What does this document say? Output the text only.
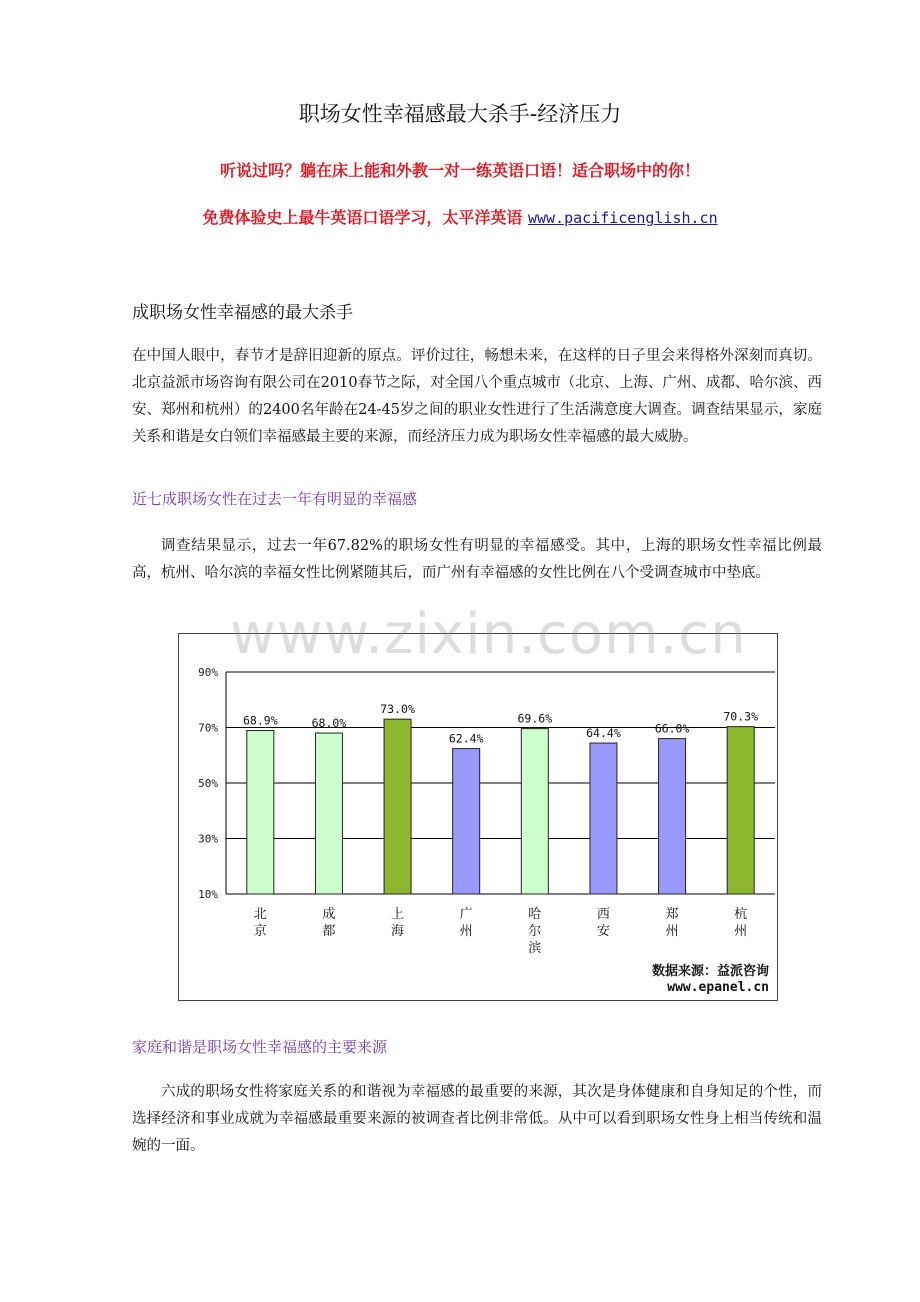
职场女性幸福感最大杀手-经济压力
听说过吗？躺在床上能和外教一对一练英语口语！适合职场中的你！
免费体验史上最牛英语口语学习，太平洋英语 www.pacificenglish.cn
成职场女性幸福感的最大杀手
在中国人眼中，春节才是辞旧迎新的原点。评价过往，畅想未来，在这样的日子里会来得格外深刻而真切。北京益派市场咨询有限公司在2010春节之际，对全国八个重点城市（北京、上海、广州、成都、哈尔滨、西安、郑州和杭州）的2400名年龄在24-45岁之间的职业女性进行了生活满意度大调查。调查结果显示，家庭关系和谐是女白领们幸福感最主要的来源，而经济压力成为职场女性幸福感的最大威胁。
近七成职场女性在过去一年有明显的幸福感
调查结果显示，过去一年67.82%的职场女性有明显的幸福感受。其中，上海的职场女性幸福比例最高，杭州、哈尔滨的幸福女性比例紧随其后，而广州有幸福感的女性比例在八个受调查城市中垫底。
10%
30%
50%
70%
90%
68.9%
北京
68.0%
成都
73.0%
上海
62.4%
广州
69.6%
哈尔滨
64.4%
西安
66.0%
郑州
70.3%
杭州
数据来源：益派咨询
www.epanel.cn
www.zixin.com.cn
家庭和谐是职场女性幸福感的主要来源
六成的职场女性将家庭关系的和谐视为幸福感的最重要的来源，其次是身体健康和自身知足的个性，而选择经济和事业成就为幸福感最重要来源的被调查者比例非常低。从中可以看到职场女性身上相当传统和温婉的一面。
